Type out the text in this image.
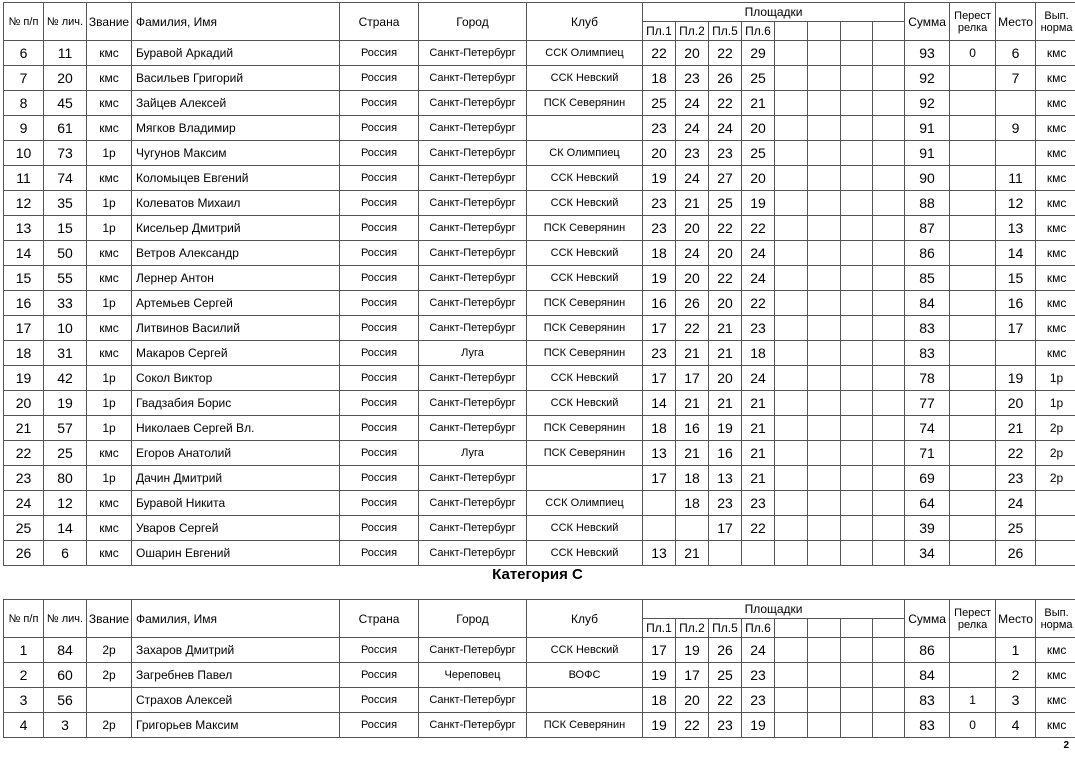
№ п/п	№ лич.	Звание	Фамилия, Имя	Страна	Город	Клуб	Площадки								Сумма	Перест релка	Место	Вып. норма
							Пл.1	Пл.2	Пл.5	Пл.6								
6	11	кмс	Буравой Аркадий	Россия	Санкт-Петербург	ССК Олимпиец	22	20	22	29					93	0	6	кмс
7	20	кмс	Васильев Григорий	Россия	Санкт-Петербург	ССК Невский	18	23	26	25					92		7	кмс
8	45	кмс	Зайцев Алексей	Россия	Санкт-Петербург	ПСК Северянин	25	24	22	21					92			кмс
9	61	кмс	Мягков Владимир	Россия	Санкт-Петербург		23	24	24	20					91		9	кмс
10	73	1р	Чугунов Максим	Россия	Санкт-Петербург	СК Олимпиец	20	23	23	25					91			кмс
11	74	кмс	Коломыцев Евгений	Россия	Санкт-Петербург	ССК Невский	19	24	27	20					90		11	кмс
12	35	1р	Колеватов Михаил	Россия	Санкт-Петербург	ССК Невский	23	21	25	19					88		12	кмс
13	15	1р	Кисельер Дмитрий	Россия	Санкт-Петербург	ПСК Северянин	23	20	22	22					87		13	кмс
14	50	кмс	Ветров Александр	Россия	Санкт-Петербург	ССК Невский	18	24	20	24					86		14	кмс
15	55	кмс	Лернер Антон	Россия	Санкт-Петербург	ССК Невский	19	20	22	24					85		15	кмс
16	33	1р	Артемьев Сергей	Россия	Санкт-Петербург	ПСК Северянин	16	26	20	22					84		16	кмс
17	10	кмс	Литвинов Василий	Россия	Санкт-Петербург	ПСК Северянин	17	22	21	23					83		17	кмс
18	31	кмс	Макаров Сергей	Россия	Луга	ПСК Северянин	23	21	21	18					83			кмс
19	42	1р	Сокол Виктор	Россия	Санкт-Петербург	ССК Невский	17	17	20	24					78		19	1р
20	19	1р	Гвадзабия Борис	Россия	Санкт-Петербург	ССК Невский	14	21	21	21					77		20	1р
21	57	1р	Николаев Сергей Вл.	Россия	Санкт-Петербург	ПСК Северянин	18	16	19	21					74		21	2р
22	25	кмс	Егоров Анатолий	Россия	Луга	ПСК Северянин	13	21	16	21					71		22	2р
23	80	1р	Дачин Дмитрий	Россия	Санкт-Петербург		17	18	13	21					69		23	2р
24	12	кмс	Буравой Никита	Россия	Санкт-Петербург	ССК Олимпиец		18	23	23					64		24	
25	14	кмс	Уваров Сергей	Россия	Санкт-Петербург	ССК Невский			17	22					39		25	
26	6	кмс	Ошарин Евгений	Россия	Санкт-Петербург	ССК Невский	13	21							34		26	
Категория С
№ п/п	№ лич.	Звание	Фамилия, Имя	Страна	Город	Клуб	Площадки								Сумма	Перест релка	Место	Вып. норма
							Пл.1	Пл.2	Пл.5	Пл.6								
1	84	2р	Захаров Дмитрий	Россия	Санкт-Петербург	ССК Невский	17	19	26	24					86		1	кмс
2	60	2р	Загребнев Павел	Россия	Череповец	ВОФС	19	17	25	23					84		2	кмс
3	56		Страхов Алексей	Россия	Санкт-Петербург		18	20	22	23					83	1	3	кмс
4	3	2р	Григорьев Максим	Россия	Санкт-Петербург	ПСК Северянин	19	22	23	19					83	0	4	кмс
2
